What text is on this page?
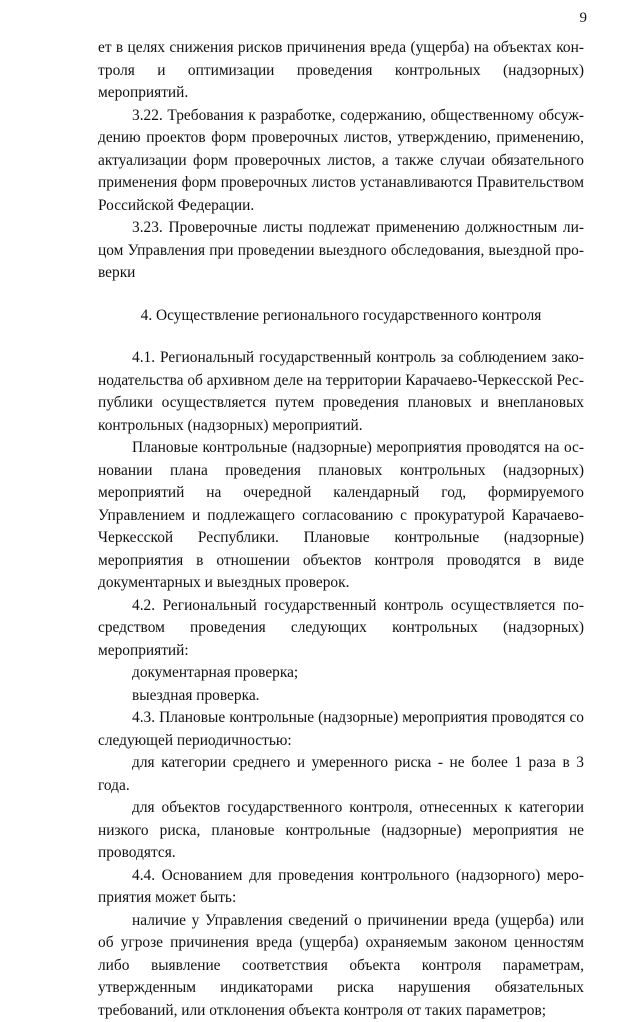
9

ет в целях снижения рисков причинения вреда (ущерба) на объектах контроля и оптимизации проведения контрольных (надзорных) мероприятий.

3.22. Требования к разработке, содержанию, общественному обсуждению проектов форм проверочных листов, утверждению, применению, актуализации форм проверочных листов, а также случаи обязательного применения форм проверочных листов устанавливаются Правительством Российской Федерации.

3.23. Проверочные листы подлежат применению должностным лицом Управления при проведении выездного обследования, выездной проверки

4. Осуществление регионального государственного контроля

4.1. Региональный государственный контроль за соблюдением законодательства об архивном деле на территории Карачаево-Черкесской Республики осуществляется путем проведения плановых и внеплановых контрольных (надзорных) мероприятий.

Плановые контрольные (надзорные) мероприятия проводятся на основании плана проведения плановых контрольных (надзорных) мероприятий на очередной календарный год, формируемого Управлением и подлежащего согласованию с прокуратурой Карачаево-Черкесской Республики. Плановые контрольные (надзорные) мероприятия в отношении объектов контроля проводятся в виде документарных и выездных проверок.

4.2. Региональный государственный контроль осуществляется посредством проведения следующих контрольных (надзорных) мероприятий:

документарная проверка;

выездная проверка.

4.3. Плановые контрольные (надзорные) мероприятия проводятся со следующей периодичностью:

для категории среднего и умеренного риска - не более 1 раза в 3 года.

для объектов государственного контроля, отнесенных к категории низкого риска, плановые контрольные (надзорные) мероприятия не проводятся.

4.4. Основанием для проведения контрольного (надзорного) мероприятия может быть:

наличие у Управления сведений о причинении вреда (ущерба) или об угрозе причинения вреда (ущерба) охраняемым законом ценностям либо выявление соответствия объекта контроля параметрам, утвержденным индикаторами риска нарушения обязательных требований, или отклонения объекта контроля от таких параметров;
